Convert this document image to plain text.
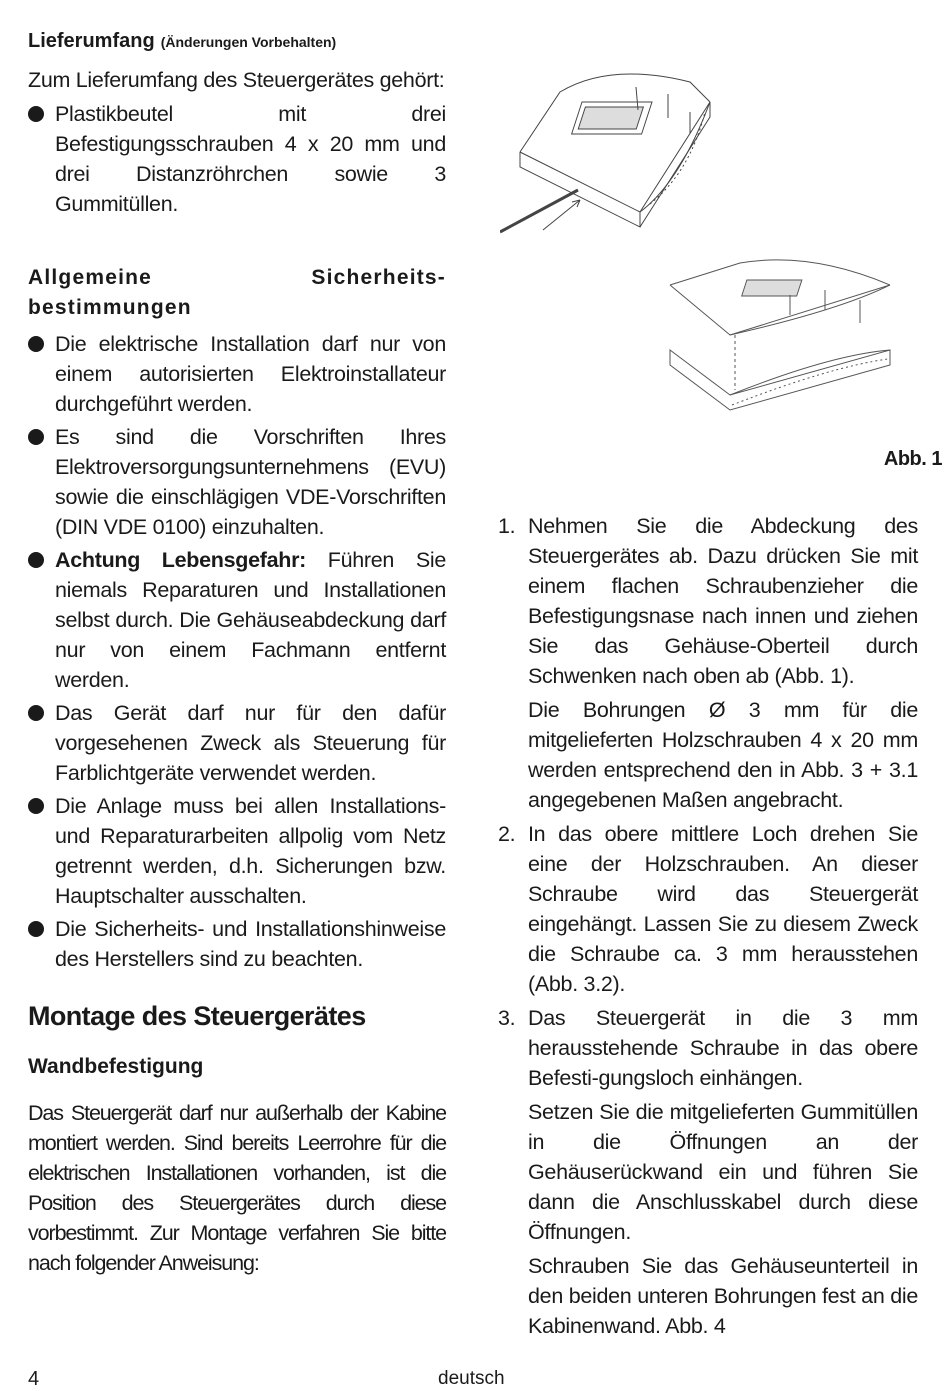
Lieferumfang (Änderungen Vorbehalten)

Zum Lieferumfang des Steuergerätes gehört:

Plastikbeutel mit drei Befestigungsschrauben 4 x 20 mm und drei Distanzröhrchen sowie 3 Gummitüllen.
Allgemeine	Sicherheits-
bestimmungen
Die elektrische Installation darf nur von einem autorisierten Elektroinstallateur durchgeführt werden.
Es sind die Vorschriften Ihres Elektroversorgungsunternehmens (EVU) sowie die einschlägigen VDE-Vorschriften (DIN VDE 0100) einzuhalten.
Achtung Lebensgefahr: Führen Sie niemals Reparaturen und Installationen selbst durch. Die Gehäuseabdeckung darf nur von einem Fachmann entfernt werden.
Das Gerät darf nur für den dafür vorgesehenen Zweck als Steuerung für Farblichtgeräte verwendet werden.
Die Anlage muss bei allen Installations- und Reparaturarbeiten allpolig vom Netz getrennt werden, d.h. Sicherungen bzw. Hauptschalter ausschalten.
Die Sicherheits- und Installationshinweise des Herstellers sind zu beachten.

Montage des Steuergerätes

Wandbefestigung

Das Steuergerät darf nur außerhalb der Kabine montiert werden. Sind bereits Leerrohre für die elektrischen Installationen vorhanden, ist die Position des Steuergerätes durch diese vorbestimmt. Zur Montage verfahren Sie bitte nach folgender Anweisung:

Abb. 1
1. Nehmen Sie die Abdeckung des Steuergerätes ab. Dazu drücken Sie mit einem flachen Schraubenzieher die Befestigungsnase nach innen und ziehen Sie das Gehäuse-Oberteil durch Schwenken nach oben ab (Abb. 1).
Die Bohrungen Ø 3 mm für die mitgelieferten Holzschrauben 4 x 20 mm werden entsprechend den in Abb. 3 + 3.1 angegebenen Maßen angebracht.
2. In das obere mittlere Loch drehen Sie eine der Holzschrauben. An dieser Schraube wird das Steuergerät eingehängt. Lassen Sie zu diesem Zweck die Schraube ca. 3 mm herausstehen (Abb. 3.2).
3. Das Steuergerät in die 3 mm herausstehende Schraube in das obere Befesti-gungsloch einhängen.
Setzen Sie die mitgelieferten Gummitüllen in die Öffnungen an der Gehäuserückwand ein und führen Sie dann die Anschlusskabel durch diese Öffnungen.
Schrauben Sie das Gehäuseunterteil in den beiden unteren Bohrungen fest an die Kabinenwand. Abb. 4
4	deutsch
